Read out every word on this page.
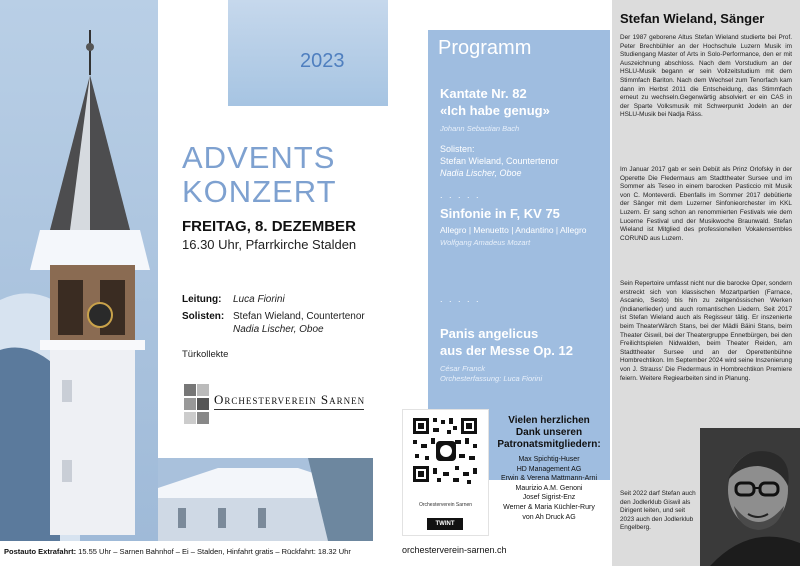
2023
ADVENTS
KONZERT
FREITAG, 8. DEZEMBER
16.30 Uhr, Pfarrkirche Stalden
Leitung: Luca Fiorini
Solisten: Stefan Wieland, Countertenor
Nadia Lischer, Oboe
Türkollekte
Orchesterverein Sarnen
Postauto Extrafahrt: 15.55 Uhr – Sarnen Bahnhof – Ei – Stalden, Hinfahrt gratis – Rückfahrt: 18.32 Uhr
Programm
Kantate Nr. 82
«Ich habe genug»
Johann Sebastian Bach
Solisten:
Stefan Wieland, Countertenor
Nadia Lischer, Oboe
. . . . .
Sinfonie in F, KV 75
Allegro | Menuetto | Andantino | Allegro
Wolfgang Amadeus Mozart
. . . . .
Panis angelicus
aus der Messe Op. 12
César Franck
Orchesterfassung: Luca Fiorini
Orchesterverein Sarnen
TWINT
Vielen herzlichen
Dank unseren
Patronatsmitgliedern:
Max Spichtig-Huser
HD Management AG
Erwin & Verena Mattmann-Arni
Maurizio A.M. Genoni
Josef Sigrist-Enz
Werner & Maria Küchler-Rury
von Ah Druck AG
orchesterverein-sarnen.ch
Stefan Wieland, Sänger
Der 1987 geborene Altus Stefan Wieland studierte bei Prof. Peter Brechbühler an der Hochschule Luzern Musik im Studiengang Master of Arts in Solo-Performance, den er mit Auszeichnung abschloss. Nach dem Vorstudium an der HSLU-Musik begann er sein Vollzeitstudium mit dem Stimmfach Bariton. Nach dem Wechsel zum Tenorfach kam dann im Herbst 2011 die Entscheidung, das Stimmfach erneut zu wechseln.Gegenwärtig absolviert er ein CAS in der Sparte Volksmusik mit Schwerpunkt Jodeln an der HSLU-Musik bei Nadja Räss.
Im Januar 2017 gab er sein Debüt als Prinz Orlofsky in der Operette Die Fledermaus am Stadttheater Sursee und im Sommer als Teseo in einem barocken Pasticcio mit Musik von C. Monteverdi. Ebenfalls im Sommer 2017 debütierte der Sänger mit dem Luzerner Sinfonieorchester im KKL Luzern. Er sang schon an renommierten Festivals wie dem Lucerne Festival und der Musikwoche Braunwald. Stefan Wieland ist Mitglied des professionellen Vokalensembles CORUND aus Luzern.
Sein Repertoire umfasst nicht nur die barocke Oper, sondern erstreckt sich von klassischen Mozartpartien (Farnace, Ascanio, Sesto) bis hin zu zeitgenössischen Werken (Indianerlieder) und auch romantischen Liedern. Seit 2017 ist Stefan Wieland auch als Regisseur tätig. Er inszenierte beim TheaterWärch Stans, bei der Mädli Bäini Stans, beim Theater Giswil, bei der Theatergruppe Ennetbürgen, bei den Freilichtspielen Nidwalden, beim Theater Reiden, am Stadttheater Sursee und an der Operettenbühne Hombrechtikon. Im September 2024 wird seine Inszenierung von J. Strauss' Die Fledermaus in Hombrechtikon Premiere feiern. Weitere Regiearbeiten sind in Planung.
Seit 2022 darf Stefan auch den Jodlerklub Giswil als Dirigent leiten, und seit 2023 auch den Jodlerklub Engelberg.
